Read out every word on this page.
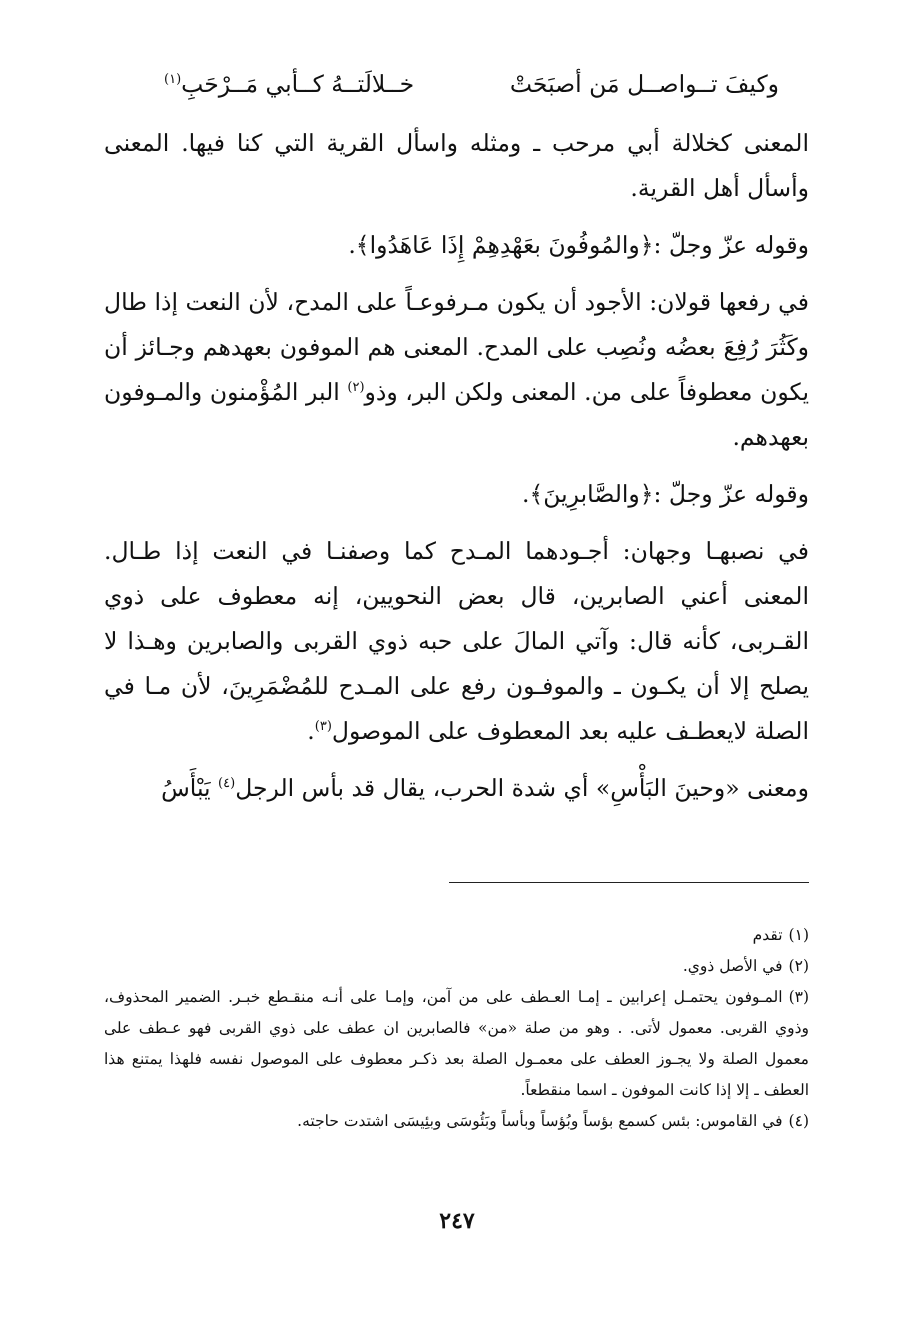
وكيفَ تــواصــل مَن أصبَحَتْ
خــلالَتــهُ كــأبي مَــرْحَبِ$^{(١)}$

المعنى كخلالة أبي مرحب ـ ومثله واسأل القرية التي كنا فيها. المعنى وأسأل أهل القرية.

وقوله عزّ وجلّ :﴿والمُوفُونَ بعَهْدِهِمْ إِذَا عَاهَدُوا﴾.

في رفعها قولان: الأجود أن يكون مـرفوعـاً على المدح، لأن النعت إذا طال وكَثُرَ رُفِعَ بعضُه ونُصِب على المدح. المعنى هم الموفون بعهدهم وجـائز أن يكون معطوفاً على من. المعنى ولكن البر، وذو$^{(٢)}$ البر المُؤْمنون والمـوفون بعهدهم.

وقوله عزّ وجلّ :﴿والصَّابرِينَ﴾.

في نصبهـا وجهان: أجـودهما المـدح كما وصفنـا في النعت إذا طـال. المعنى أعني الصابرين، قال بعض النحويين، إنه معطوف على ذوي القـربى، كأنه قال: وآتي المالَ على حبه ذوي القربى والصابرين وهـذا لا يصلح إلا أن يكـون ـ والموفـون رفع على المـدح للمُضْمَرِينَ، لأن مـا في الصلة لايعطـف عليه بعد المعطوف على الموصول$^{(٣)}$.

ومعنى «وحينَ البَأْسِ» أي شدة الحرب، يقال قد بأس الرجل$^{(٤)}$ يَبْأَسُ

(١)تقدم

(٢)في الأصل ذوي.

(٣)المـوفون يحتمـل إعرابين ـ إمـا العـطف على من آمن، وإمـا على أنـه منقـطع خبـر. الضمير المحذوف، وذوي القربى. معمول لأتى. . وهو من صلة «من» فالصابرين ان عطف على ذوي القربى فهو عـطف على معمول الصلة ولا يجـوز العطف على معمـول الصلة بعد ذكـر معطوف على الموصول نفسه فلهذا يمتنع هذا العطف ـ إلا إذا كانت الموفون ـ اسما منقطعاً.

(٤)في القاموس: بئس كسمع بؤساً وبُؤساً وبأساً وبَئُوسَى وبئِيسَى اشتدت حاجته.

٢٤٧
